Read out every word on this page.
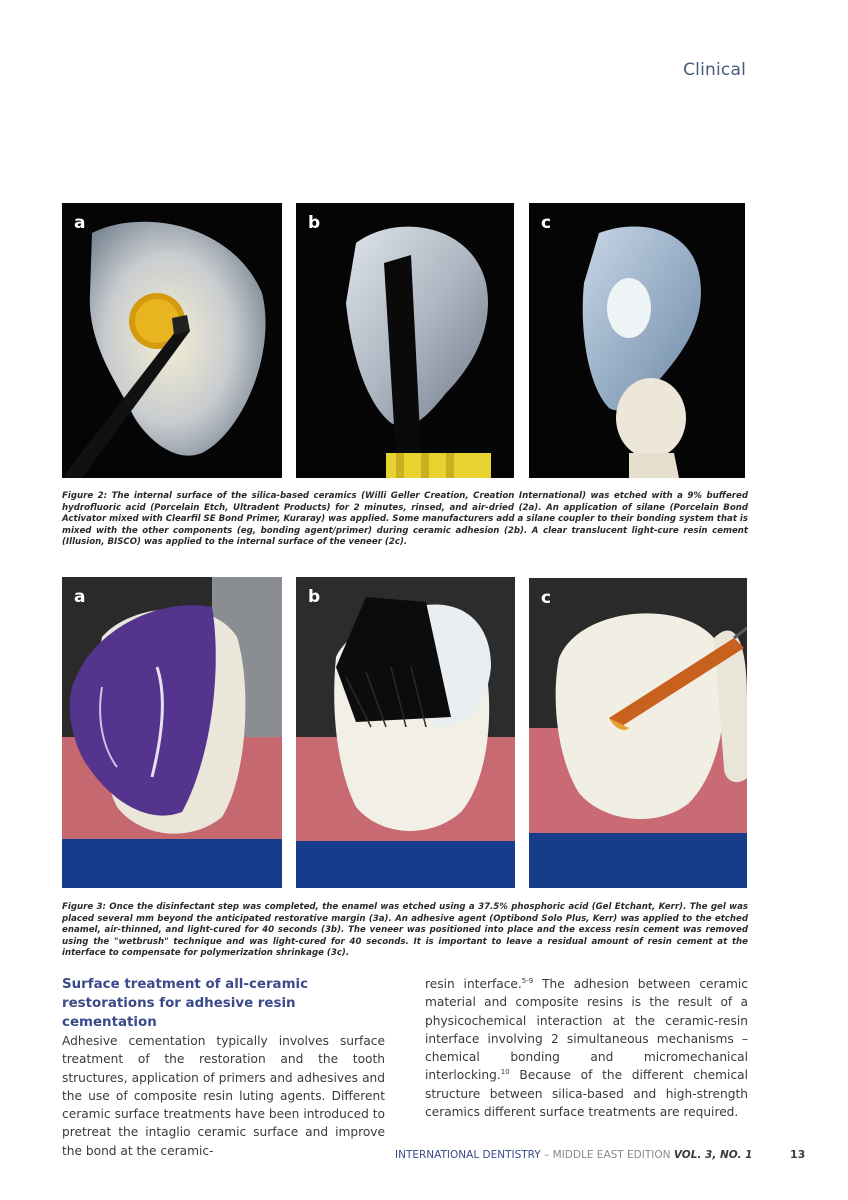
Clinical
a	b	c
Figure 2: The internal surface of the silica-based ceramics (Willi Geller Creation, Creation International) was etched with a 9% buffered hydrofluoric acid (Porcelain Etch, Ultradent Products) for 2 minutes, rinsed, and air-dried (2a). An application of silane (Porcelain Bond Activator mixed with Clearfil SE Bond Primer, Kuraray) was applied. Some manufacturers add a silane coupler to their bonding system that is mixed with the other components (eg, bonding agent/primer) during ceramic adhesion (2b). A clear translucent light-cure resin cement (Illusion, BISCO) was applied to the internal surface of the veneer (2c).
a	b	c
Figure 3: Once the disinfectant step was completed, the enamel was etched using a 37.5% phosphoric acid (Gel Etchant, Kerr). The gel was placed several mm beyond the anticipated restorative margin (3a). An adhesive agent (Optibond Solo Plus, Kerr) was applied to the etched enamel, air-thinned, and light-cured for 40 seconds (3b). The veneer was positioned into place and the excess resin cement was removed using the "wetbrush" technique and was light-cured for 40 seconds. It is important to leave a residual amount of resin cement at the interface to compensate for polymerization shrinkage (3c).
Surface treatment of all-ceramic restorations for adhesive resin cementation

Adhesive cementation typically involves surface treatment of the restoration and the tooth structures, application of primers and adhesives and the use of composite resin luting agents. Different ceramic surface treatments have been introduced to pretreat the intaglio ceramic surface and improve the bond at the ceramic-

resin interface.$^{5-9}$ The adhesion between ceramic material and composite resins is the result of a physicochemical interaction at the ceramic-resin interface involving 2 simultaneous mechanisms – chemical bonding and micromechanical interlocking.$^{10}$ Because of the different chemical structure between silica-based and high-strength ceramics different surface treatments are required.

INTERNATIONAL DENTISTRY – MIDDLE EAST EDITION VOL. 3, NO. 1	13
